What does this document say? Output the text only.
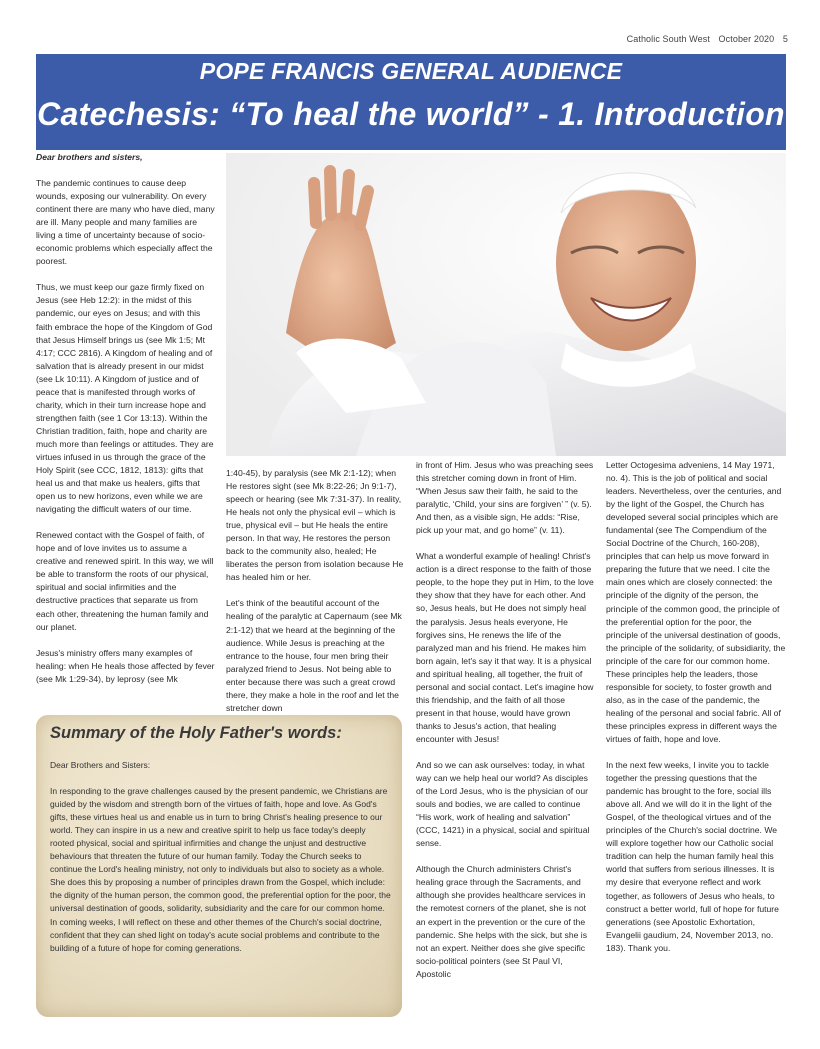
Catholic South West October 2020 5
POPE FRANCIS GENERAL AUDIENCE
Catechesis: “To heal the world” - 1. Introduction

Dear brothers and sisters,

The pandemic continues to cause deep wounds, exposing our vulnerability. On every continent there are many who have died, many are ill. Many people and many families are living a time of uncertainty because of socio-economic problems which especially affect the poorest.

Thus, we must keep our gaze firmly fixed on Jesus (see Heb 12:2): in the midst of this pandemic, our eyes on Jesus; and with this faith embrace the hope of the Kingdom of God that Jesus Himself brings us (see Mk 1:5; Mt 4:17; CCC 2816). A Kingdom of healing and of salvation that is already present in our midst (see Lk 10:11). A Kingdom of justice and of peace that is manifested through works of charity, which in their turn increase hope and strengthen faith (see 1 Cor 13:13). Within the Christian tradition, faith, hope and charity are much more than feelings or attitudes. They are virtues infused in us through the grace of the Holy Spirit (see CCC, 1812, 1813): gifts that heal us and that make us healers, gifts that open us to new horizons, even while we are navigating the difficult waters of our time.

Renewed contact with the Gospel of faith, of hope and of love invites us to assume a creative and renewed spirit. In this way, we will be able to transform the roots of our physical, spiritual and social infirmities and the destructive practices that separate us from each other, threatening the human family and our planet.

Jesus's ministry offers many examples of healing: when He heals those affected by fever (see Mk 1:29-34), by leprosy (see Mk

1:40-45), by paralysis (see Mk 2:1-12); when He restores sight (see Mk 8:22-26; Jn 9:1-7), speech or hearing (see Mk 7:31-37). In reality, He heals not only the physical evil – which is true, physical evil – but He heals the entire person. In that way, He restores the person back to the community also, healed; He liberates the person from isolation because He has healed him or her.

Let's think of the beautiful account of the healing of the paralytic at Capernaum (see Mk 2:1-12) that we heard at the beginning of the audience. While Jesus is preaching at the entrance to the house, four men bring their paralyzed friend to Jesus. Not being able to enter because there was such a great crowd there, they make a hole in the roof and let the stretcher down

in front of Him. Jesus who was preaching sees this stretcher coming down in front of Him. “When Jesus saw their faith, he said to the paralytic, ‘Child, your sins are forgiven’ ” (v. 5). And then, as a visible sign, He adds: “Rise, pick up your mat, and go home” (v. 11).

What a wonderful example of healing! Christ's action is a direct response to the faith of those people, to the hope they put in Him, to the love they show that they have for each other. And so, Jesus heals, but He does not simply heal the paralysis. Jesus heals everyone, He forgives sins, He renews the life of the paralyzed man and his friend. He makes him born again, let's say it that way. It is a physical and spiritual healing, all together, the fruit of personal and social contact. Let's imagine how this friendship, and the faith of all those present in that house, would have grown thanks to Jesus's action, that healing encounter with Jesus!

And so we can ask ourselves: today, in what way can we help heal our world? As disciples of the Lord Jesus, who is the physician of our souls and bodies, we are called to continue “His work, work of healing and salvation” (CCC, 1421) in a physical, social and spiritual sense.

Although the Church administers Christ's healing grace through the Sacraments, and although she provides healthcare services in the remotest corners of the planet, she is not an expert in the prevention or the cure of the pandemic. She helps with the sick, but she is not an expert. Neither does she give specific socio-political pointers (see St Paul VI, Apostolic

Letter Octogesima adveniens, 14 May 1971, no. 4). This is the job of political and social leaders. Nevertheless, over the centuries, and by the light of the Gospel, the Church has developed several social principles which are fundamental (see The Compendium of the Social Doctrine of the Church, 160-208), principles that can help us move forward in preparing the future that we need. I cite the main ones which are closely connected: the principle of the dignity of the person, the principle of the common good, the principle of the preferential option for the poor, the principle of the universal destination of goods, the principle of the solidarity, of subsidiarity, the principle of the care for our common home. These principles help the leaders, those responsible for society, to foster growth and also, as in the case of the pandemic, the healing of the personal and social fabric. All of these principles express in different ways the virtues of faith, hope and love.

In the next few weeks, I invite you to tackle together the pressing questions that the pandemic has brought to the fore, social ills above all. And we will do it in the light of the Gospel, of the theological virtues and of the principles of the Church's social doctrine. We will explore together how our Catholic social tradition can help the human family heal this world that suffers from serious illnesses. It is my desire that everyone reflect and work together, as followers of Jesus who heals, to construct a better world, full of hope for future generations (see Apostolic Exhortation, Evangelii gaudium, 24, November 2013, no. 183). Thank you.

Summary of the Holy Father's words:

Dear Brothers and Sisters:

In responding to the grave challenges caused by the present pandemic, we Christians are guided by the wisdom and strength born of the virtues of faith, hope and love. As God's gifts, these virtues heal us and enable us in turn to bring Christ's healing presence to our world. They can inspire in us a new and creative spirit to help us face today's deeply rooted physical, social and spiritual infirmities and change the unjust and destructive behaviours that threaten the future of our human family. Today the Church seeks to continue the Lord's healing ministry, not only to individuals but also to society as a whole. She does this by proposing a number of principles drawn from the Gospel, which include: the dignity of the human person, the common good, the preferential option for the poor, the universal destination of goods, solidarity, subsidiarity and the care for our common home. In coming weeks, I will reflect on these and other themes of the Church's social doctrine, confident that they can shed light on today's acute social problems and contribute to the building of a future of hope for coming generations.
